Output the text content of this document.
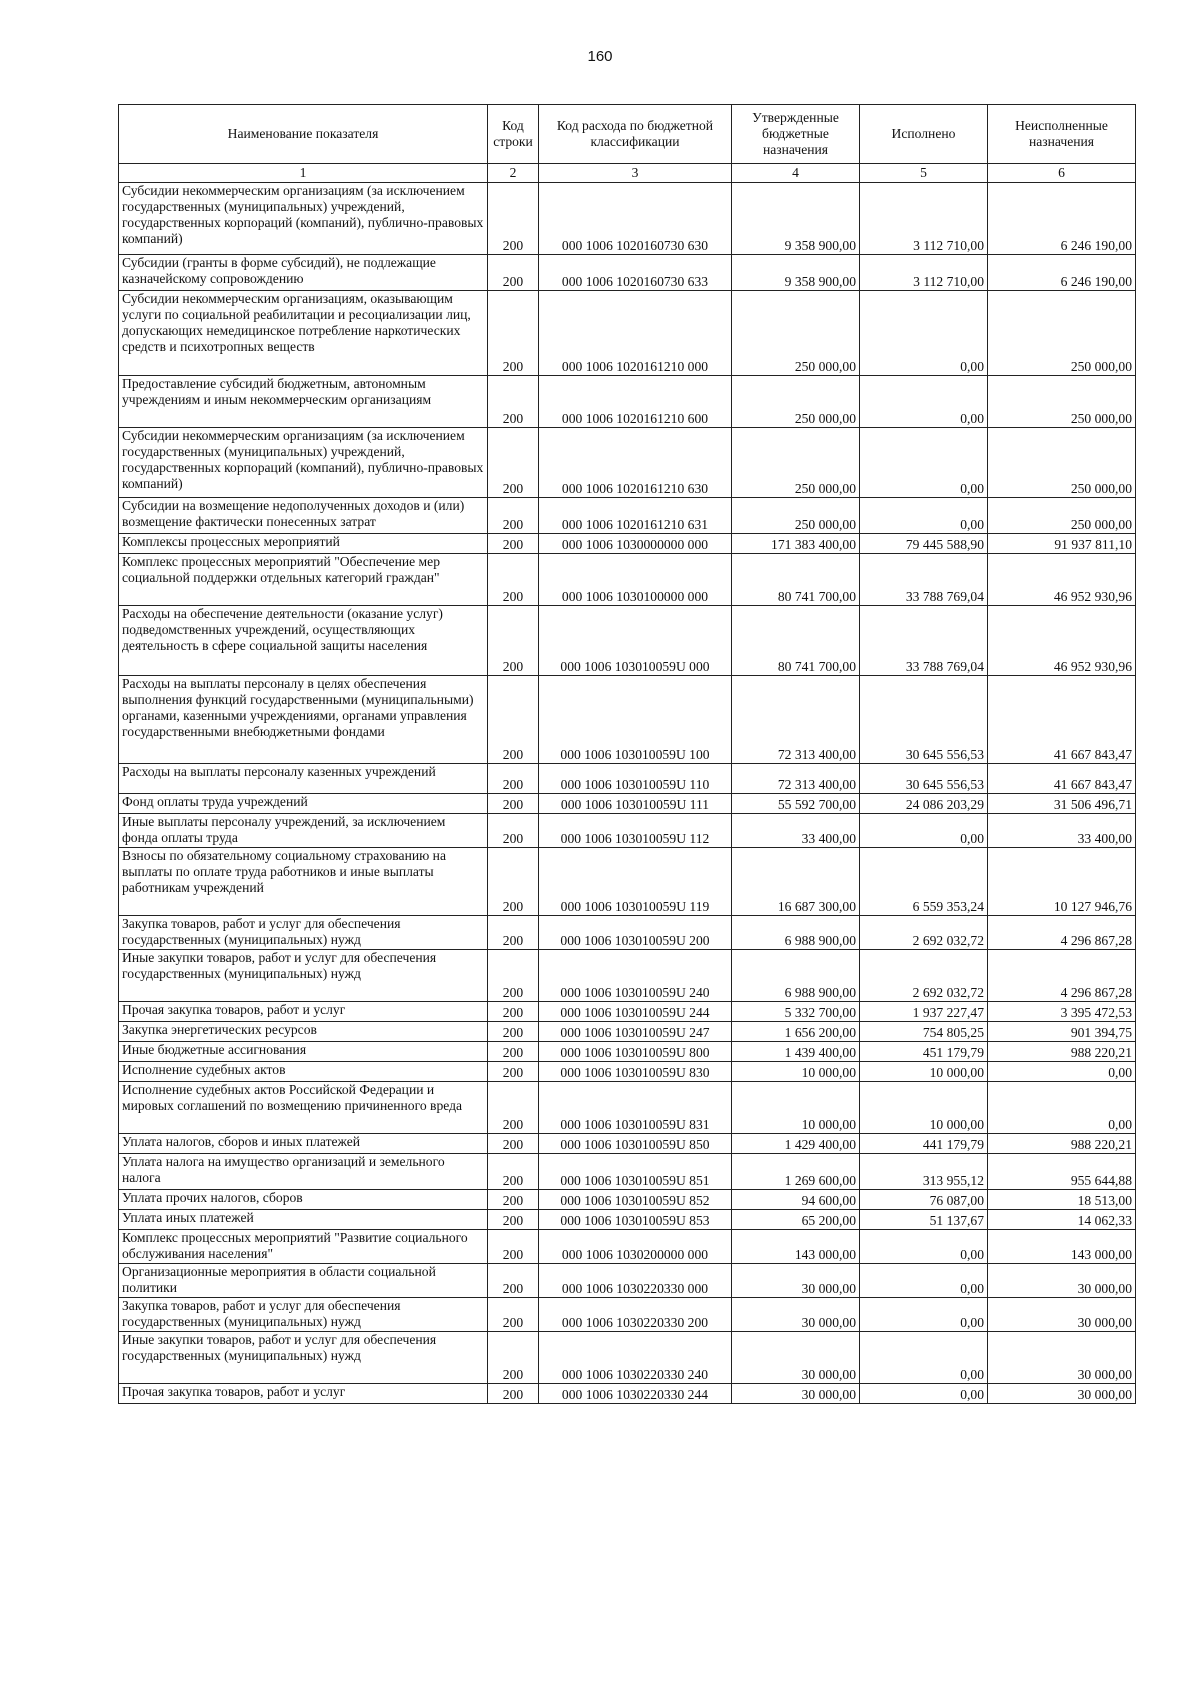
160
Наименование показателя	Код строки	Код расхода по бюджетной классификации	Утвержденные бюджетные назначения	Исполнено	Неисполненные назначения
1	2	3	4	5	6
Субсидии некоммерческим организациям (за исключением государственных (муниципальных) учреждений, государственных корпораций (компаний), публично-правовых компаний)	200	000 1006 1020160730 630	9 358 900,00	3 112 710,00	6 246 190,00
Субсидии (гранты в форме субсидий), не подлежащие казначейскому сопровождению	200	000 1006 1020160730 633	9 358 900,00	3 112 710,00	6 246 190,00
Субсидии некоммерческим организациям, оказывающим услуги по социальной реабилитации и ресоциализации лиц, допускающих немедицинское потребление наркотических средств и психотропных веществ	200	000 1006 1020161210 000	250 000,00	0,00	250 000,00
Предоставление субсидий бюджетным, автономным учреждениям и иным некоммерческим организациям	200	000 1006 1020161210 600	250 000,00	0,00	250 000,00
Субсидии некоммерческим организациям (за исключением государственных (муниципальных) учреждений, государственных корпораций (компаний), публично-правовых компаний)	200	000 1006 1020161210 630	250 000,00	0,00	250 000,00
Субсидии на возмещение недополученных доходов и (или) возмещение фактически понесенных затрат	200	000 1006 1020161210 631	250 000,00	0,00	250 000,00
Комплексы процессных мероприятий	200	000 1006 1030000000 000	171 383 400,00	79 445 588,90	91 937 811,10
Комплекс процессных мероприятий "Обеспечение мер социальной поддержки отдельных категорий граждан"	200	000 1006 1030100000 000	80 741 700,00	33 788 769,04	46 952 930,96
Расходы на обеспечение деятельности (оказание услуг) подведомственных учреждений, осуществляющих деятельность в сфере социальной защиты населения	200	000 1006 103010059U 000	80 741 700,00	33 788 769,04	46 952 930,96
Расходы на выплаты персоналу в целях обеспечения выполнения функций государственными (муниципальными) органами, казенными учреждениями, органами управления государственными внебюджетными фондами	200	000 1006 103010059U 100	72 313 400,00	30 645 556,53	41 667 843,47
Расходы на выплаты персоналу казенных учреждений	200	000 1006 103010059U 110	72 313 400,00	30 645 556,53	41 667 843,47
Фонд оплаты труда учреждений	200	000 1006 103010059U 111	55 592 700,00	24 086 203,29	31 506 496,71
Иные выплаты персоналу учреждений, за исключением фонда оплаты труда	200	000 1006 103010059U 112	33 400,00	0,00	33 400,00
Взносы по обязательному социальному страхованию на выплаты по оплате труда работников и иные выплаты работникам учреждений	200	000 1006 103010059U 119	16 687 300,00	6 559 353,24	10 127 946,76
Закупка товаров, работ и услуг для обеспечения государственных (муниципальных) нужд	200	000 1006 103010059U 200	6 988 900,00	2 692 032,72	4 296 867,28
Иные закупки товаров, работ и услуг для обеспечения государственных (муниципальных) нужд	200	000 1006 103010059U 240	6 988 900,00	2 692 032,72	4 296 867,28
Прочая закупка товаров, работ и услуг	200	000 1006 103010059U 244	5 332 700,00	1 937 227,47	3 395 472,53
Закупка энергетических ресурсов	200	000 1006 103010059U 247	1 656 200,00	754 805,25	901 394,75
Иные бюджетные ассигнования	200	000 1006 103010059U 800	1 439 400,00	451 179,79	988 220,21
Исполнение судебных актов	200	000 1006 103010059U 830	10 000,00	10 000,00	0,00
Исполнение судебных актов Российской Федерации и мировых соглашений по возмещению причиненного вреда	200	000 1006 103010059U 831	10 000,00	10 000,00	0,00
Уплата налогов, сборов и иных платежей	200	000 1006 103010059U 850	1 429 400,00	441 179,79	988 220,21
Уплата налога на имущество организаций и земельного налога	200	000 1006 103010059U 851	1 269 600,00	313 955,12	955 644,88
Уплата прочих налогов, сборов	200	000 1006 103010059U 852	94 600,00	76 087,00	18 513,00
Уплата иных платежей	200	000 1006 103010059U 853	65 200,00	51 137,67	14 062,33
Комплекс процессных мероприятий "Развитие социального обслуживания населения"	200	000 1006 1030200000 000	143 000,00	0,00	143 000,00
Организационные мероприятия в области социальной политики	200	000 1006 1030220330 000	30 000,00	0,00	30 000,00
Закупка товаров, работ и услуг для обеспечения государственных (муниципальных) нужд	200	000 1006 1030220330 200	30 000,00	0,00	30 000,00
Иные закупки товаров, работ и услуг для обеспечения государственных (муниципальных) нужд	200	000 1006 1030220330 240	30 000,00	0,00	30 000,00
Прочая закупка товаров, работ и услуг	200	000 1006 1030220330 244	30 000,00	0,00	30 000,00
